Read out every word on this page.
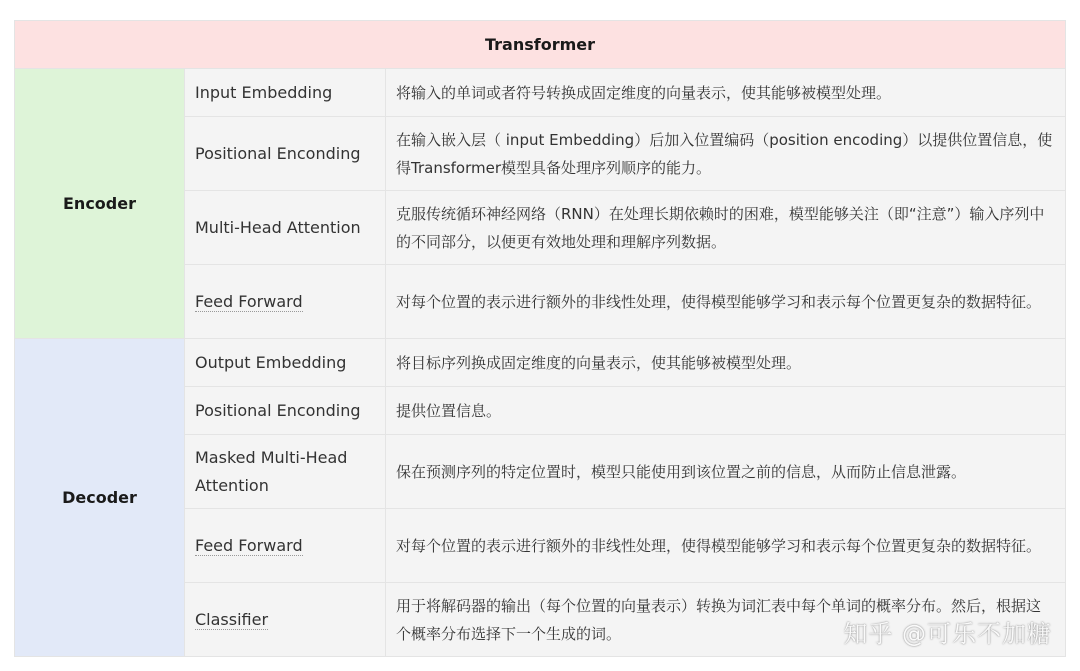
Transformer		
Encoder	Input Embedding	将输入的单词或者符号转换成固定维度的向量表示，使其能够被模型处理。
	Positional Enconding	在输入嵌入层（ input Embedding）后加入位置编码（position encoding）以提供位置信息，使得Transformer模型具备处理序列顺序的能力。
	Multi-Head Attention	克服传统循环神经网络（RNN）在处理长期依赖时的困难，模型能够关注（即“注意”）输入序列中的不同部分，以便更有效地处理和理解序列数据。
	Feed Forward	对每个位置的表示进行额外的非线性处理，使得模型能够学习和表示每个位置更复杂的数据特征。
Decoder	Output Embedding	将目标序列换成固定维度的向量表示，使其能够被模型处理。
	Positional Enconding	提供位置信息。
	Masked Multi-Head Attention	保在预测序列的特定位置时，模型只能使用到该位置之前的信息，从而防止信息泄露。
	Feed Forward	对每个位置的表示进行额外的非线性处理，使得模型能够学习和表示每个位置更复杂的数据特征。
	Classifier	用于将解码器的输出（每个位置的向量表示）转换为词汇表中每个单词的概率分布。然后，根据这个概率分布选择下一个生成的词。	知乎 @可乐不加糖
